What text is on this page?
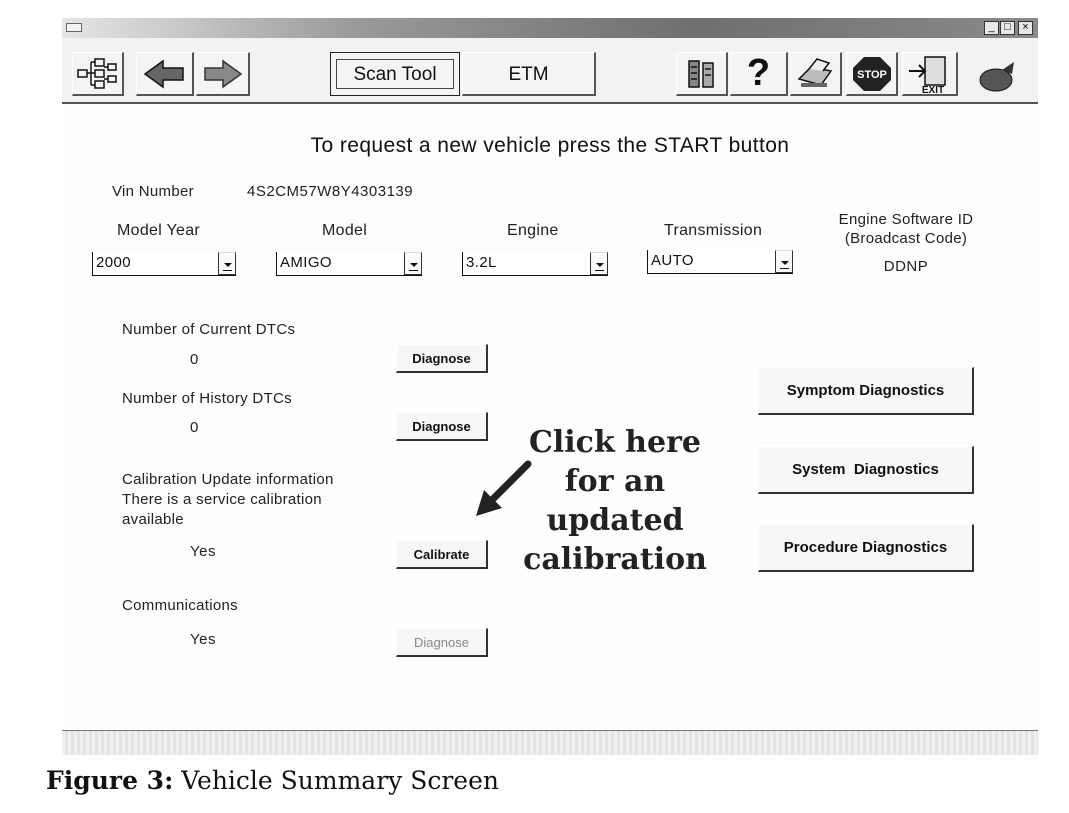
_ □	×
Scan Tool	ETM	?	STOP
EXIT
To request a new vehicle press the START button
Vin Number	4S2CM57W8Y4303139
Model Year	Model	Engine	Transmission
Engine Software ID
(Broadcast Code)
2000	AMIGO	3.2L	AUTO	DDNP
Number of Current DTCs
0	Diagnose
Number of History DTCs
0	Diagnose
Calibration Update information
There is a service calibration
available
Yes	Calibrate
Communications
Yes	Diagnose
Click here
for an
updated
calibration
Symptom Diagnostics
System  Diagnostics
Procedure Diagnostics
Figure 3: Vehicle Summary Screen
